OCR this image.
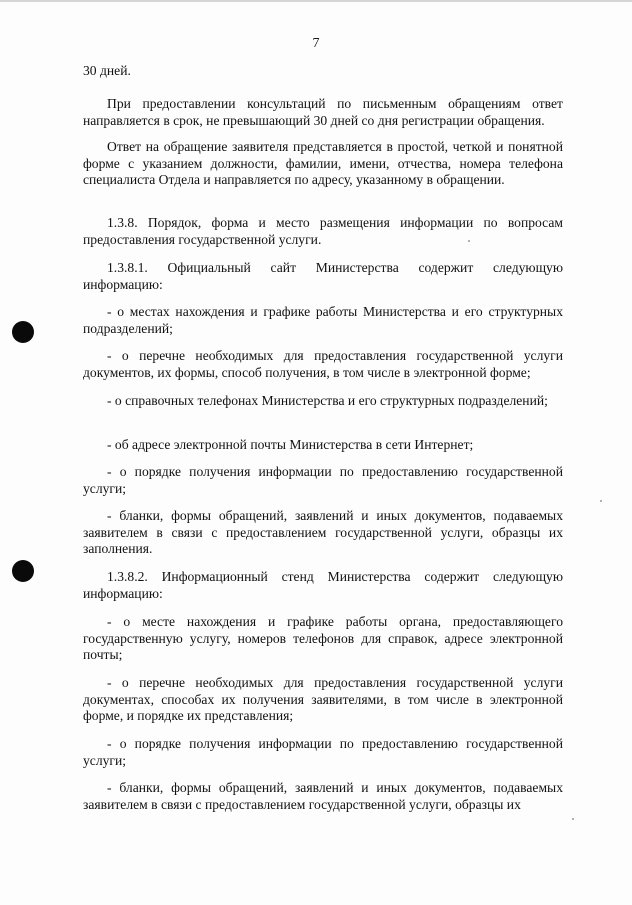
7

30 дней.

При предоставлении консультаций по письменным обращениям ответ направляется в срок, не превышающий 30 дней со дня регистрации обращения.

Ответ на обращение заявителя представляется в простой, четкой и понятной форме с указанием должности, фамилии, имени, отчества, номера телефона специалиста Отдела и направляется по адресу, указанному в обращении.

1.3.8. Порядок, форма и место размещения информации по вопросам предоставления государственной услуги.

1.3.8.1. Официальный сайт Министерства содержит следующую информацию:

- о местах нахождения и графике работы Министерства и его структурных подразделений;

- о перечне необходимых для предоставления государственной услуги документов, их формы, способ получения, в том числе в электронной форме;

- о справочных телефонах Министерства и его структурных подразделений;

- об адресе электронной почты Министерства в сети Интернет;

- о порядке получения информации по предоставлению государственной услуги;

- бланки, формы обращений, заявлений и иных документов, подаваемых заявителем в связи с предоставлением государственной услуги, образцы их заполнения.

1.3.8.2. Информационный стенд Министерства содержит следующую информацию:

- о месте нахождения и графике работы органа, предоставляющего государственную услугу, номеров телефонов для справок, адресе электронной почты;

- о перечне необходимых для предоставления государственной услуги документах, способах их получения заявителями, в том числе в электронной форме, и порядке их представления;

- о порядке получения информации по предоставлению государственной услуги;

- бланки, формы обращений, заявлений и иных документов, подаваемых заявителем в связи с предоставлением государственной услуги, образцы их
